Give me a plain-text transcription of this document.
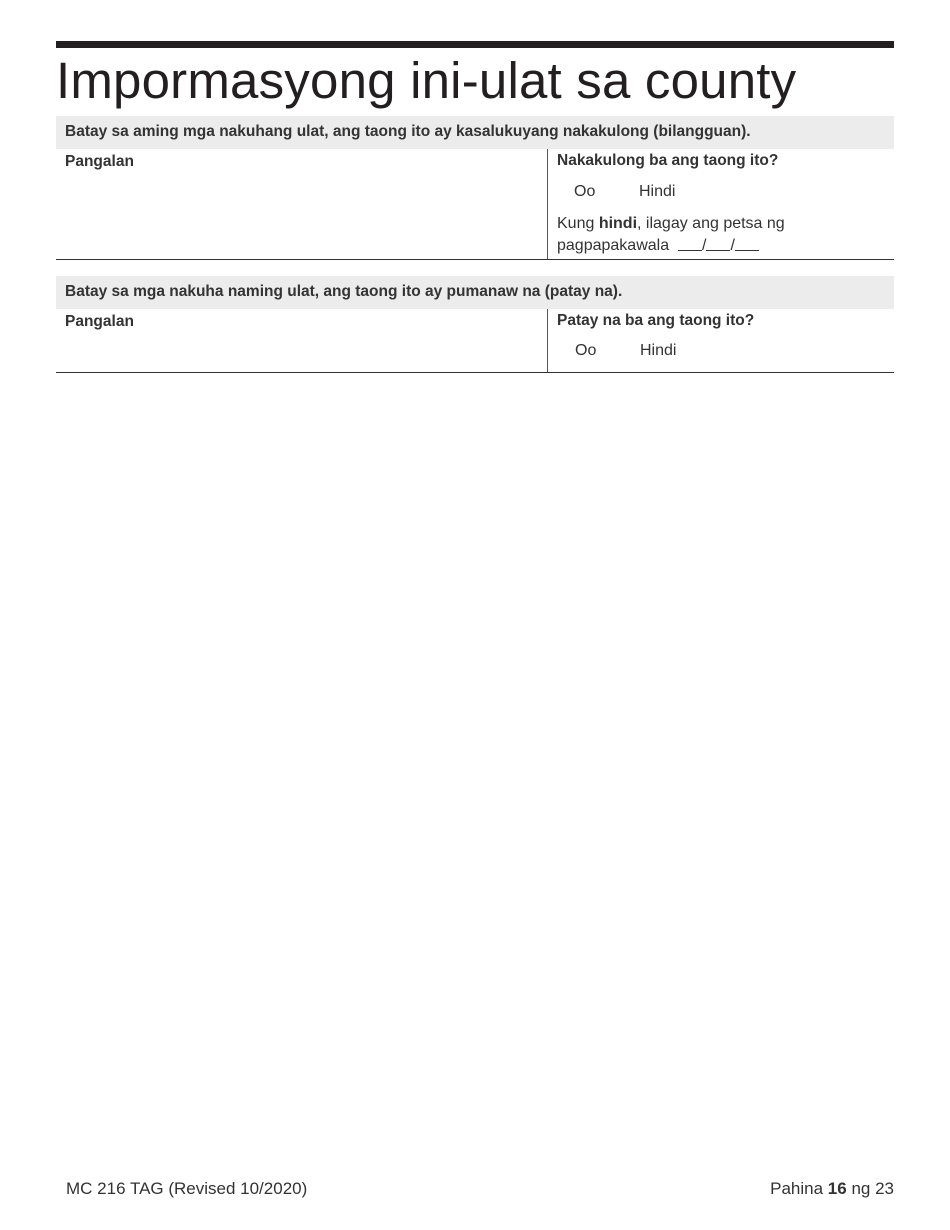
Impormasyong ini-ulat sa county
Batay sa aming mga nakuhang ulat, ang taong ito ay kasalukuyang nakakulong (bilangguan).
Pangalan	Nakakulong ba ang taong ito?
Oo	Hindi
Kung hindi, ilagay ang petsa ng pagpapakawala / /
Batay sa mga nakuha naming ulat, ang taong ito ay pumanaw na (patay na).
Pangalan	Patay na ba ang taong ito?
Oo	Hindi
MC 216 TAG (Revised 10/2020)	Pahina 16 ng 23
